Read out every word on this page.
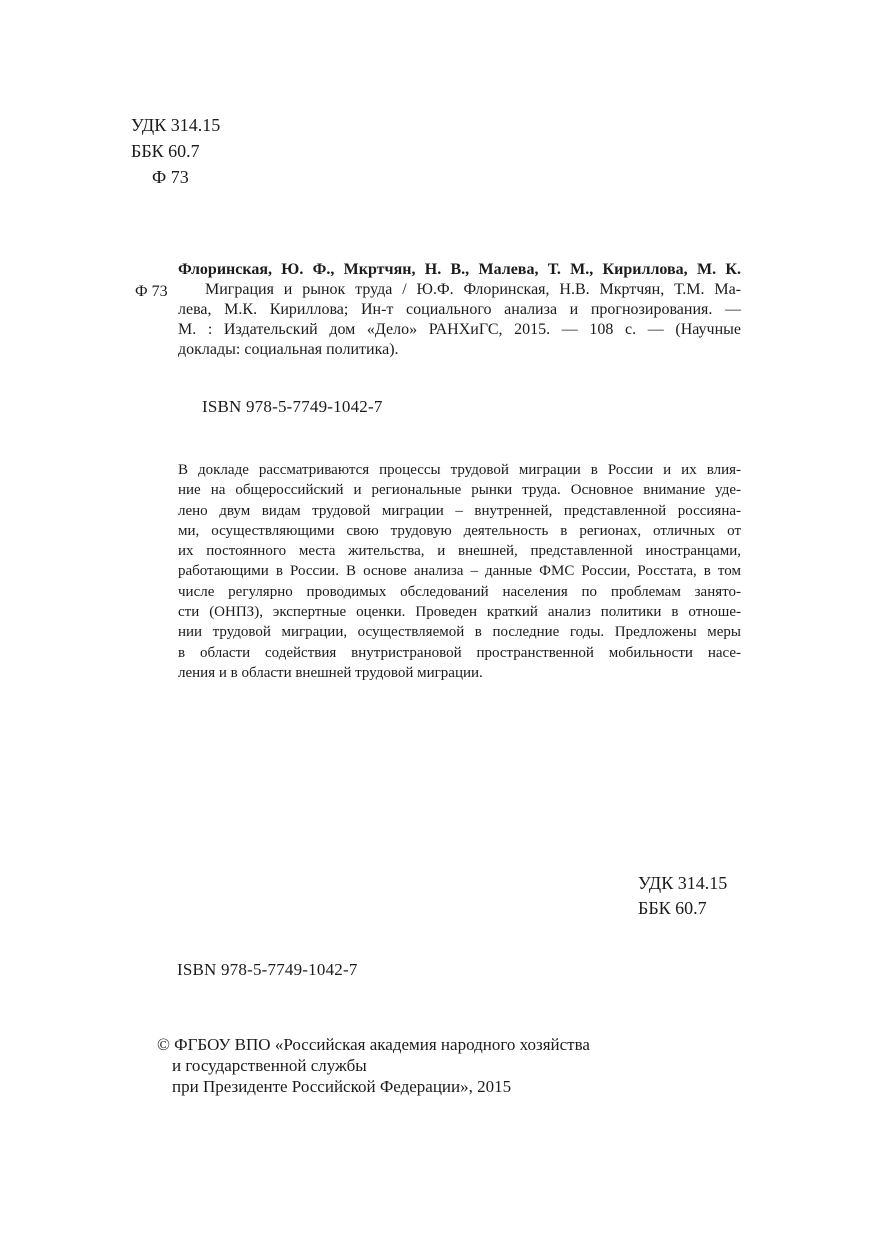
УДК 314.15
ББК 60.7
Ф 73
Ф 73
Флоринская, Ю. Ф., Мкртчян, Н. В., Малева, Т. М., Кириллова, М. К.
Миграция и рынок труда / Ю.Ф. Флоринская, Н.В. Мкртчян, Т.М. Ма-
лева, М.К. Кириллова; Ин-т социального анализа и прогнозирования. —
М. : Издательский дом «Дело» РАНХиГС, 2015. — 108 с. — (Научные
доклады: социальная политика).
ISBN 978-5-7749-1042-7
В докладе рассматриваются процессы трудовой миграции в России и их влия-
ние на общероссийский и региональные рынки труда. Основное внимание уде-
лено двум видам трудовой миграции – внутренней, представленной россияна-
ми, осуществляющими свою трудовую деятельность в регионах, отличных от
их постоянного места жительства, и внешней, представленной иностранцами,
работающими в России. В основе анализа – данные ФМС России, Росстата, в том
числе регулярно проводимых обследований населения по проблемам занято-
сти (ОНПЗ), экспертные оценки. Проведен краткий анализ политики в отноше-
нии трудовой миграции, осуществляемой в последние годы. Предложены меры
в области содействия внутристрановой пространственной мобильности насе-
ления и в области внешней трудовой миграции.
УДК 314.15
ББК 60.7
ISBN 978-5-7749-1042-7
© ФГБОУ ВПО «Российская академия народного хозяйства
и государственной службы
при Президенте Российской Федерации», 2015
